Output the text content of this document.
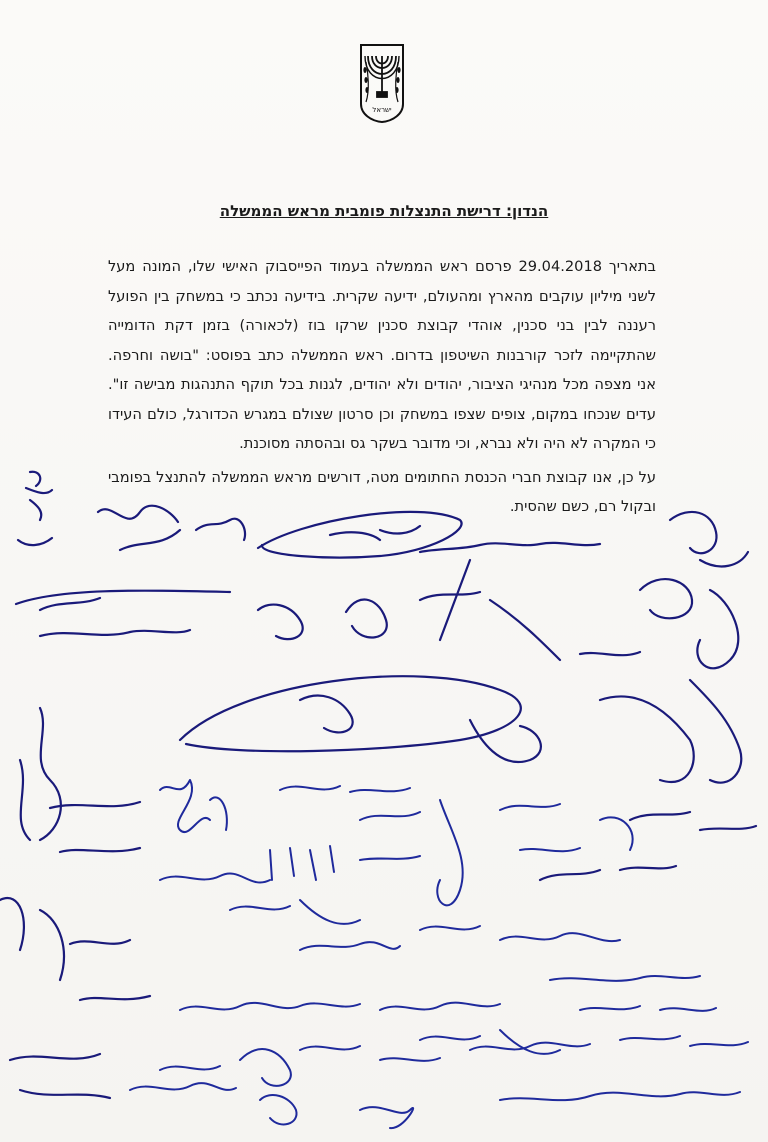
ישראל
הנדון: דרישת התנצלות פומבית מראש הממשלה

בתאריך 29.04.2018 פרסם ראש הממשלה בעמוד הפייסבוק האישי שלו, המונה מעל לשני מיליון עוקבים מהארץ ומהעולם, ידיעה שקרית. בידיעה נכתב כי במשחק בין הפועל רעננה לבין בני סכנין, אוהדי קבוצת סכנין שרקו בוז (לכאורה) בזמן דקת הדומייה שהתקיימה לזכר קורבנות השיטפון בדרום. ראש הממשלה כתב בפוסט: "בושה וחרפה. אני מצפה מכל מנהיגי הציבור, יהודים ולא יהודים, לגנות בכל תוקף התנהגות מבישה זו". עדים שנכחו במקום, צופים שצפו במשחק וכן סרטון שצולם במגרש הכדורגל, כולם העידו כי המקרה לא היה ולא נברא, וכי מדובר בשקר גס ובהסתה מסוכנת.

על כן, אנו קבוצת חברי הכנסת החתומים מטה, דורשים מראש הממשלה להתנצל בפומבי ובקול רם, כשם שהסית.
